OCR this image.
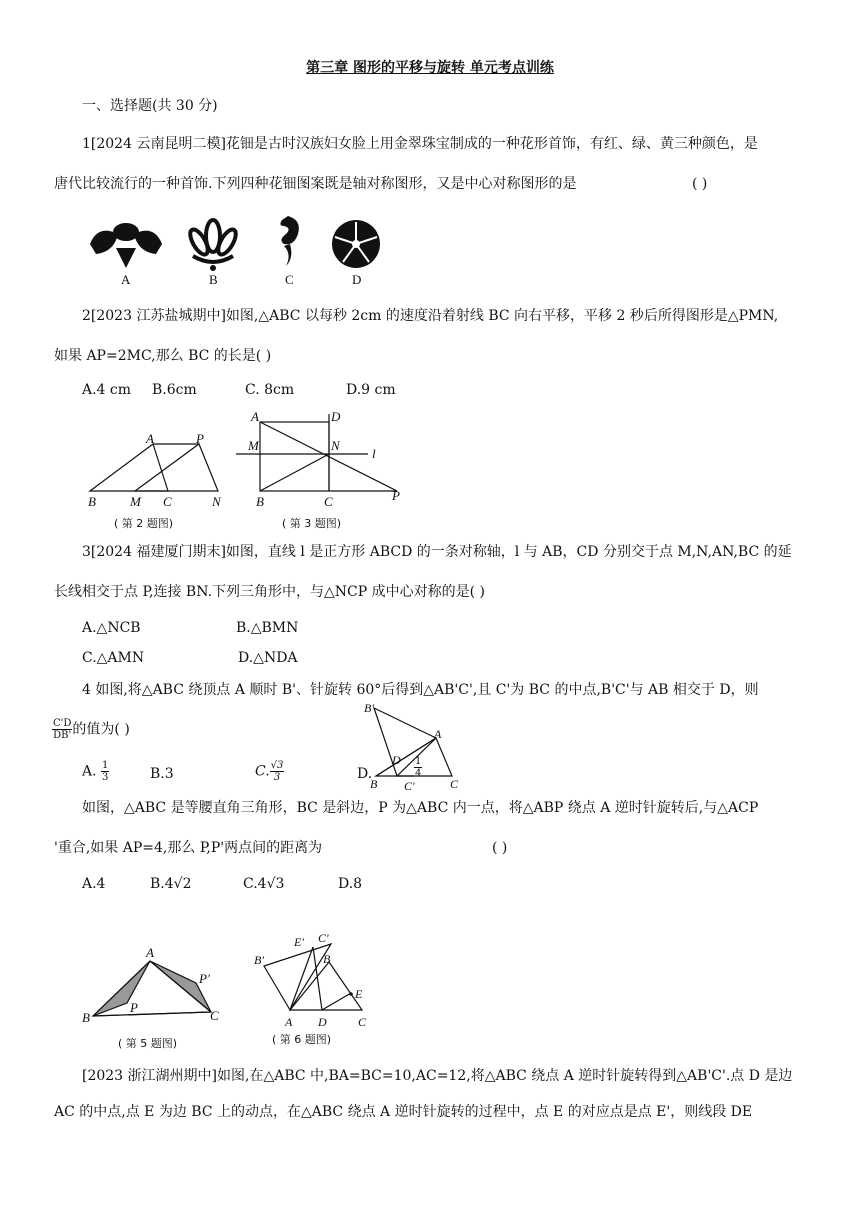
第三章 图形的平移与旋转 单元考点训练
一、选择题(共 30 分)
1[2024 云南昆明二模]花钿是古时汉族妇女脸上用金翠珠宝制成的一种花形首饰，有红、绿、黄三种颜色，是
唐代比较流行的一种首饰.下列四种花钿图案既是轴对称图形，又是中心对称图形的是	( )
A	B	C	D
2[2023 江苏盐城期中]如图,△ABC 以每秒 2cm 的速度沿着射线 BC 向右平移，平移 2 秒后所得图形是△PMN,
如果 AP=2MC,那么 BC 的长是( )
A.4 cm B.6cm	C. 8cm	D.9 cm
A	P
B	M C	N
( 第 2 题图)
A	D
M	N
l
B	C	P
( 第 3 题图)
3[2024 福建厦门期末]如图，直线 l 是正方形 ABCD 的一条对称轴，l 与 AB，CD 分别交于点 M,N,AN,BC 的延
长线相交于点 P,连接 BN.下列三角形中，与△NCP 成中心对称的是( )
A.△NCB	B.△BMN
C.△AMN	D.△NDA
4 如图,将△ABC 绕顶点 A 顺时 B'、针旋转 60°后得到△AB'C',且 C'为 BC 的中点,B'C'与 AB 相交于 D，则
$\frac{C'D}{DB'}$ 的值为( )
A. $\frac{1}{3}$	B.3	C. $\frac{√3}{3}$	D.	$\frac{1}{4}$
B'
A
D
B C'	C
如图，△ABC 是等腰直角三角形，BC 是斜边，P 为△ABC 内一点，将△ABP 绕点 A 逆时针旋转后,与△ACP
'重合,如果 AP=4,那么 P,P'两点间的距离为	( )
A.4	B.4√2	C.4√3	D.8
A
P'
P
B	C
( 第 5 题图)
E' C'
B'	B
E
A D	C
( 第 6 题图)
[2023 浙江湖州期中]如图,在△ABC 中,BA=BC=10,AC=12,将△ABC 绕点 A 逆时针旋转得到△AB'C'.点 D 是边
AC 的中点,点 E 为边 BC 上的动点，在△ABC 绕点 A 逆时针旋转的过程中，点 E 的对应点是点 E'，则线段 DE
